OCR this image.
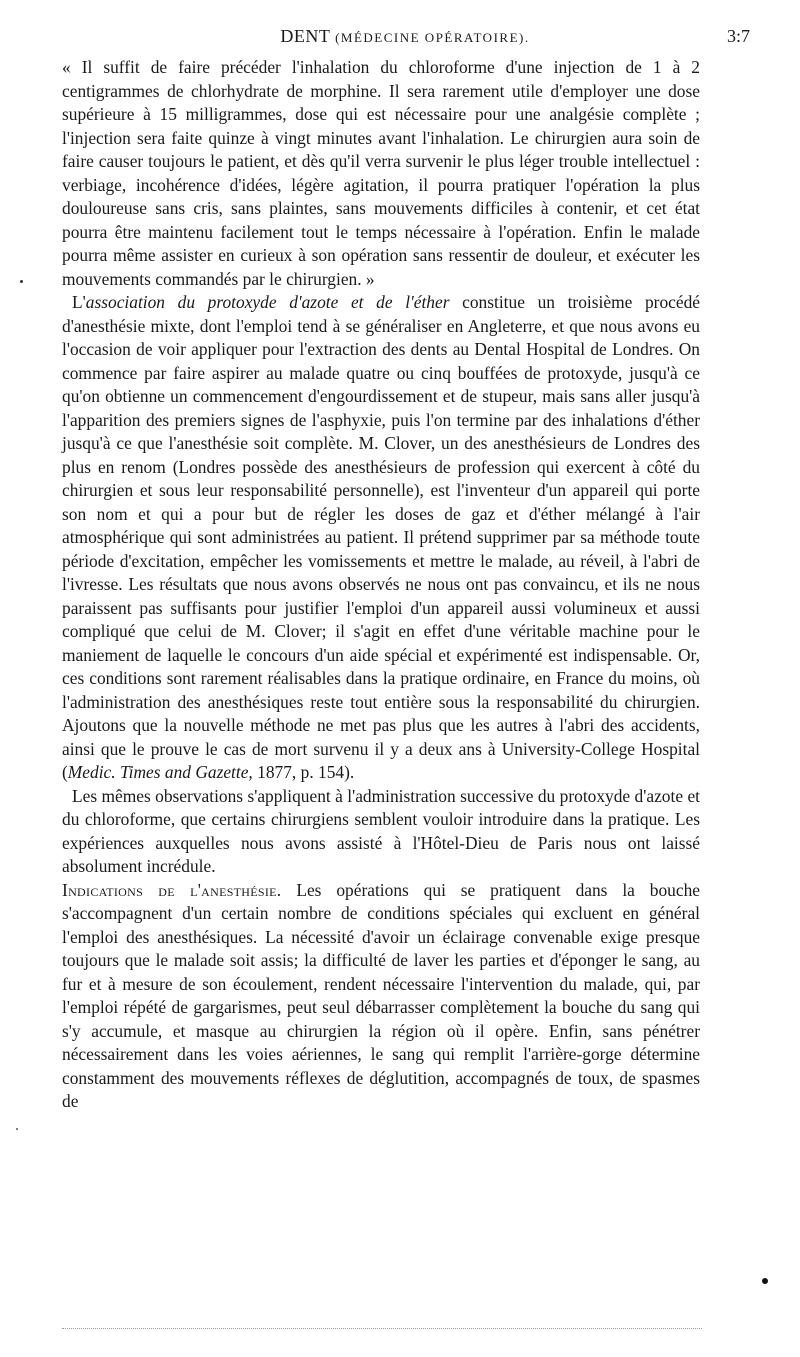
DENT (MÉDECINE OPÉRATOIRE).	3:7

« Il suffit de faire précéder l'inhalation du chloroforme d'une injection de 1 à 2 centigrammes de chlorhydrate de morphine. Il sera rarement utile d'employer une dose supérieure à 15 milligrammes, dose qui est nécessaire pour une analgésie complète ; l'injection sera faite quinze à vingt minutes avant l'inhalation. Le chirurgien aura soin de faire causer toujours le patient, et dès qu'il verra survenir le plus léger trouble intellectuel : verbiage, incohérence d'idées, légère agitation, il pourra pratiquer l'opération la plus douloureuse sans cris, sans plaintes, sans mouvements difficiles à contenir, et cet état pourra être maintenu facilement tout le temps nécessaire à l'opération. Enfin le malade pourra même assister en curieux à son opération sans ressentir de douleur, et exécuter les mouvements commandés par le chirurgien. »

L'association du protoxyde d'azote et de l'éther constitue un troisième procédé d'anesthésie mixte, dont l'emploi tend à se généraliser en Angleterre, et que nous avons eu l'occasion de voir appliquer pour l'extraction des dents au Dental Hospital de Londres. On commence par faire aspirer au malade quatre ou cinq bouffées de protoxyde, jusqu'à ce qu'on obtienne un commencement d'engourdissement et de stupeur, mais sans aller jusqu'à l'apparition des premiers signes de l'asphyxie, puis l'on termine par des inhalations d'éther jusqu'à ce que l'anesthésie soit complète. M. Clover, un des anesthésieurs de Londres des plus en renom (Londres possède des anesthésieurs de profession qui exercent à côté du chirurgien et sous leur responsabilité personnelle), est l'inventeur d'un appareil qui porte son nom et qui a pour but de régler les doses de gaz et d'éther mélangé à l'air atmosphérique qui sont administrées au patient. Il prétend supprimer par sa méthode toute période d'excitation, empêcher les vomissements et mettre le malade, au réveil, à l'abri de l'ivresse. Les résultats que nous avons observés ne nous ont pas convaincu, et ils ne nous paraissent pas suffisants pour justifier l'emploi d'un appareil aussi volumineux et aussi compliqué que celui de M. Clover; il s'agit en effet d'une véritable machine pour le maniement de laquelle le concours d'un aide spécial et expérimenté est indispensable. Or, ces conditions sont rarement réalisables dans la pratique ordinaire, en France du moins, où l'administration des anesthésiques reste tout entière sous la responsabilité du chirurgien. Ajoutons que la nouvelle méthode ne met pas plus que les autres à l'abri des accidents, ainsi que le prouve le cas de mort survenu il y a deux ans à University-College Hospital (Medic. Times and Gazette, 1877, p. 154).

Les mêmes observations s'appliquent à l'administration successive du protoxyde d'azote et du chloroforme, que certains chirurgiens semblent vouloir introduire dans la pratique. Les expériences auxquelles nous avons assisté à l'Hôtel-Dieu de Paris nous ont laissé absolument incrédule.

Indications de l'anesthésie. Les opérations qui se pratiquent dans la bouche s'accompagnent d'un certain nombre de conditions spéciales qui excluent en général l'emploi des anesthésiques. La nécessité d'avoir un éclairage convenable exige presque toujours que le malade soit assis; la difficulté de laver les parties et d'éponger le sang, au fur et à mesure de son écoulement, rendent nécessaire l'intervention du malade, qui, par l'emploi répété de gargarismes, peut seul débarrasser complètement la bouche du sang qui s'y accumule, et masque au chirurgien la région où il opère. Enfin, sans pénétrer nécessairement dans les voies aériennes, le sang qui remplit l'arrière-gorge détermine constamment des mouvements réflexes de déglutition, accompagnés de toux, de spasmes de
